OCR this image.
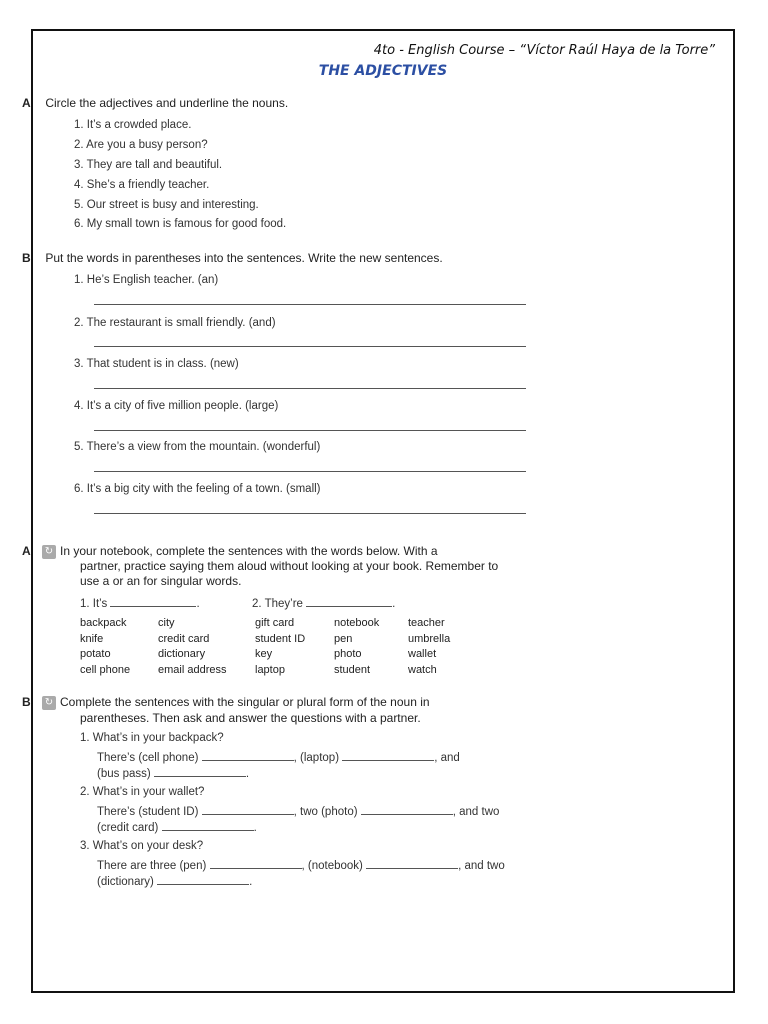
4to - English Course – “Víctor Raúl Haya de la Torre”
THE ADJECTIVES
A Circle the adjectives and underline the nouns.
1. It’s a crowded place.
2. Are you a busy person?
3. They are tall and beautiful.
4. She’s a friendly teacher.
5. Our street is busy and interesting.
6. My small town is famous for good food.
B Put the words in parentheses into the sentences. Write the new sentences.
1. He’s English teacher. (an)
2. The restaurant is small friendly. (and)
3. That student is in class. (new)
4. It’s a city of five million people. (large)
5. There’s a view from the mountain. (wonderful)
6. It’s a big city with the feeling of a town. (small)
A ↻ In your notebook, complete the sentences with the words below. With a
partner, practice saying them aloud without looking at your book. Remember to
use a or an for singular words.
1. It’s	.	2. They’re	.
backpack	city	gift card	notebook	teacher
knife	credit card	student ID	pen	umbrella
potato	dictionary	key	photo	wallet
cell phone	email address	laptop	student	watch
B ↻ Complete the sentences with the singular or plural form of the noun in
parentheses. Then ask and answer the questions with a partner.
1. What’s in your backpack?
There’s (cell phone)	, (laptop)	, and
(bus pass)	.
2. What’s in your wallet?
There’s (student ID)	, two (photo)	, and two
(credit card)	.
3. What’s on your desk?
There are three (pen)	, (notebook)	, and two
(dictionary)	.
